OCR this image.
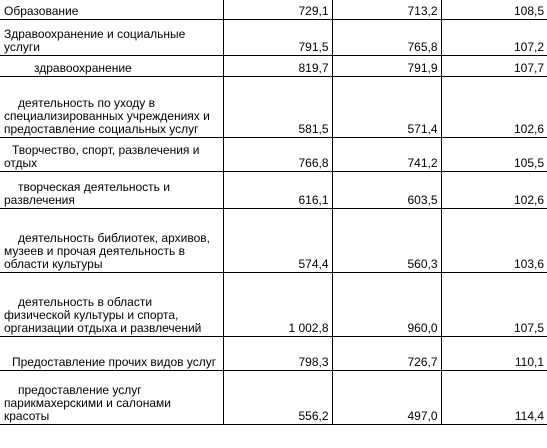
Образование	729,1	713,2	108,5
Здравоохранение и социальные
услуги	791,5	765,8	107,2
здравоохранение	819,7	791,9	107,7

деятельность по уходу в
специализированных учреждениях и
предоставление социальных услуг	581,5	571,4	102,6

Творчество, спорт, развлечения и
отдых	766,8	741,2	105,5

творческая деятельность и
развлечения	616,1	603,5	102,6

деятельность библиотек, архивов,
музеев и прочая деятельность в
области культуры	574,4	560,3	103,6

деятельность в области
физической культуры и спорта,
организации отдыха и развлечений	1 002,8	960,0	107,5
Предоставление прочих видов услуг	798,3	726,7	110,1

предоставление услуг
парикмахерскими и салонами красоты	556,2	497,0	114,4
